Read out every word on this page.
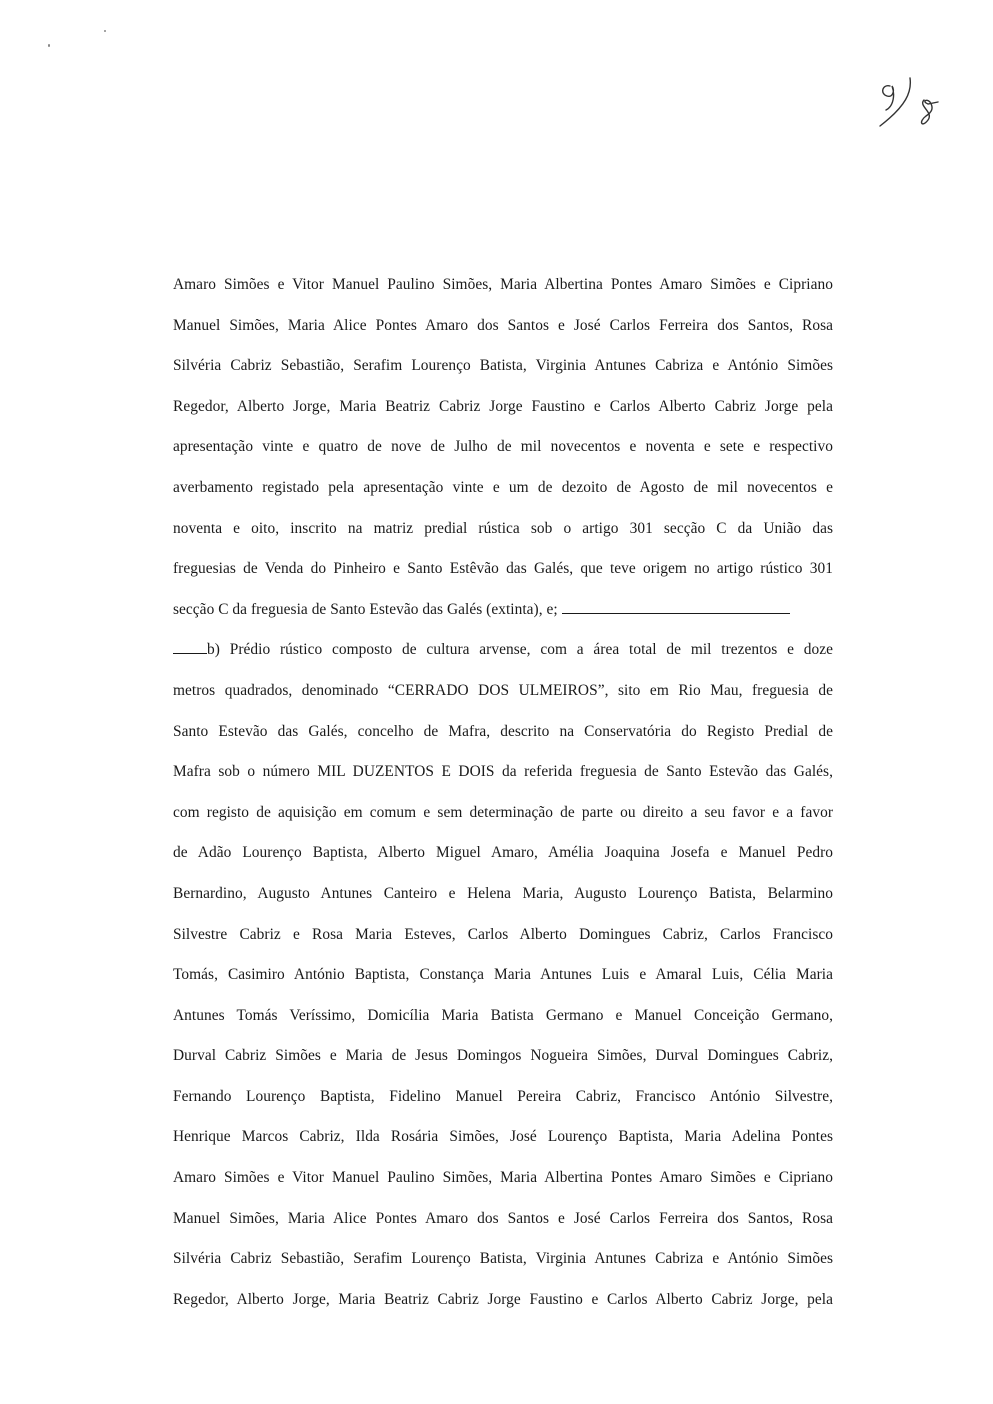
Amaro Simões e Vitor Manuel Paulino Simões, Maria Albertina Pontes Amaro Simões e Cipriano
Manuel Simões, Maria Alice Pontes Amaro dos Santos e José Carlos Ferreira dos Santos, Rosa
Silvéria Cabriz Sebastião, Serafim Lourenço Batista, Virginia Antunes Cabriza e António Simões
Regedor, Alberto Jorge, Maria Beatriz Cabriz Jorge Faustino e Carlos Alberto Cabriz Jorge pela
apresentação vinte e quatro de nove de Julho de mil novecentos e noventa e sete e respectivo
averbamento registado pela apresentação vinte e um de dezoito de Agosto de mil novecentos e
noventa e oito, inscrito na matriz predial rústica sob o artigo 301 secção C da União das
freguesias de Venda do Pinheiro e Santo Estêvão das Galés, que teve origem no artigo rústico 301
secção C da freguesia de Santo Estevão das Galés (extinta), e;
b) Prédio rústico composto de cultura arvense, com a área total de mil trezentos e doze
metros quadrados, denominado “CERRADO DOS ULMEIROS”, sito em Rio Mau, freguesia de
Santo Estevão das Galés, concelho de Mafra, descrito na Conservatória do Registo Predial de
Mafra sob o número MIL DUZENTOS E DOIS da referida freguesia de Santo Estevão das Galés,
com registo de aquisição em comum e sem determinação de parte ou direito a seu favor e a favor
de Adão Lourenço Baptista, Alberto Miguel Amaro, Amélia Joaquina Josefa e Manuel Pedro
Bernardino, Augusto Antunes Canteiro e Helena Maria, Augusto Lourenço Batista, Belarmino
Silvestre Cabriz e Rosa Maria Esteves, Carlos Alberto Domingues Cabriz, Carlos Francisco
Tomás, Casimiro António Baptista, Constança Maria Antunes Luis e Amaral Luis, Célia Maria
Antunes Tomás Veríssimo, Domicília Maria Batista Germano e Manuel Conceição Germano,
Durval Cabriz Simões e Maria de Jesus Domingos Nogueira Simões, Durval Domingues Cabriz,
Fernando Lourenço Baptista, Fidelino Manuel Pereira Cabriz, Francisco António Silvestre,
Henrique Marcos Cabriz, Ilda Rosária Simões, José Lourenço Baptista, Maria Adelina Pontes
Amaro Simões e Vitor Manuel Paulino Simões, Maria Albertina Pontes Amaro Simões e Cipriano
Manuel Simões, Maria Alice Pontes Amaro dos Santos e José Carlos Ferreira dos Santos, Rosa
Silvéria Cabriz Sebastião, Serafim Lourenço Batista, Virginia Antunes Cabriza e António Simões
Regedor, Alberto Jorge, Maria Beatriz Cabriz Jorge Faustino e Carlos Alberto Cabriz Jorge, pela
